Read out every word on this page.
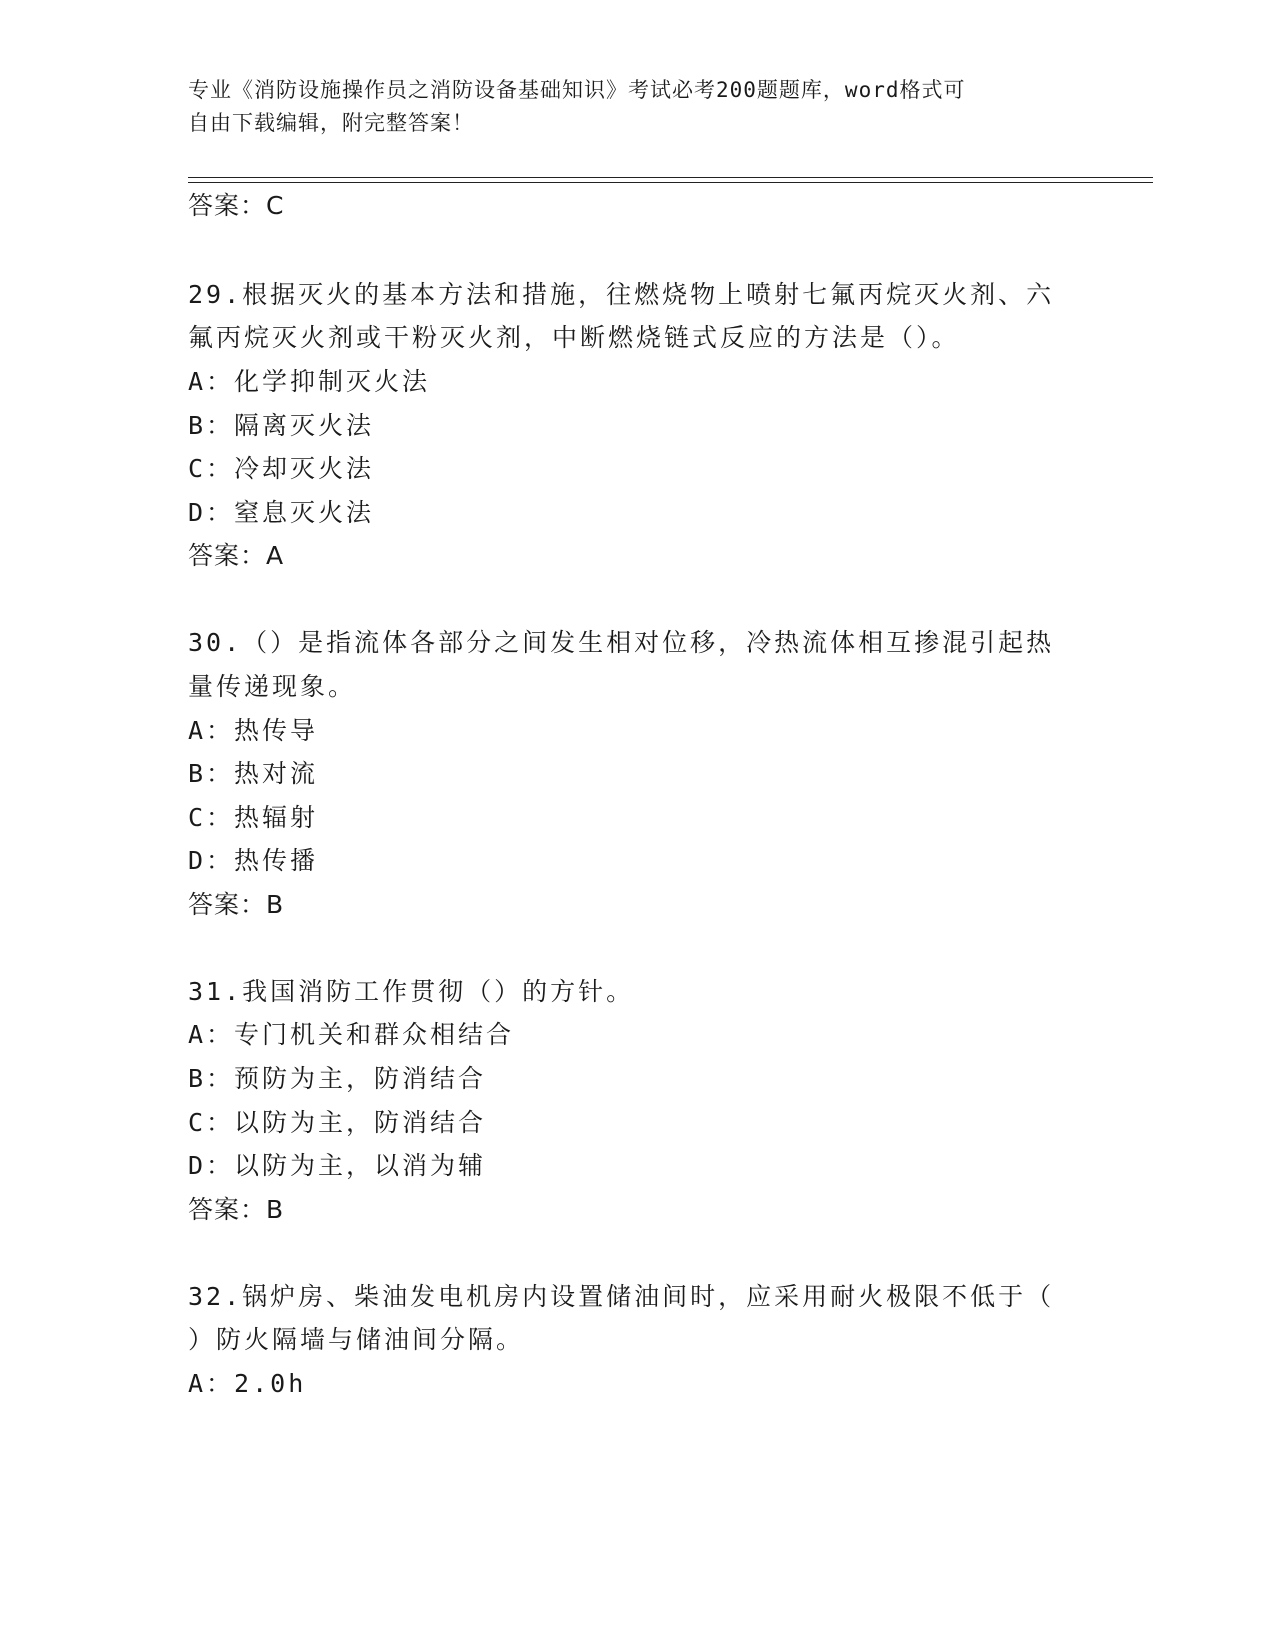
专业《消防设施操作员之消防设备基础知识》考试必考200题题库，word格式可
自由下载编辑，附完整答案！
答案：C
29.根据灭火的基本方法和措施，往燃烧物上喷射七氟丙烷灭火剂、六
氟丙烷灭火剂或干粉灭火剂，中断燃烧链式反应的方法是（）。
A：化学抑制灭火法
B：隔离灭火法
C：冷却灭火法
D：窒息灭火法
答案：A
30.（）是指流体各部分之间发生相对位移，冷热流体相互掺混引起热
量传递现象。
A：热传导
B：热对流
C：热辐射
D：热传播
答案：B
31.我国消防工作贯彻（）的方针。
A：专门机关和群众相结合
B：预防为主，防消结合
C：以防为主，防消结合
D：以防为主，以消为辅
答案：B
32.锅炉房、柴油发电机房内设置储油间时，应采用耐火极限不低于（
）防火隔墙与储油间分隔。
A：2.0h
